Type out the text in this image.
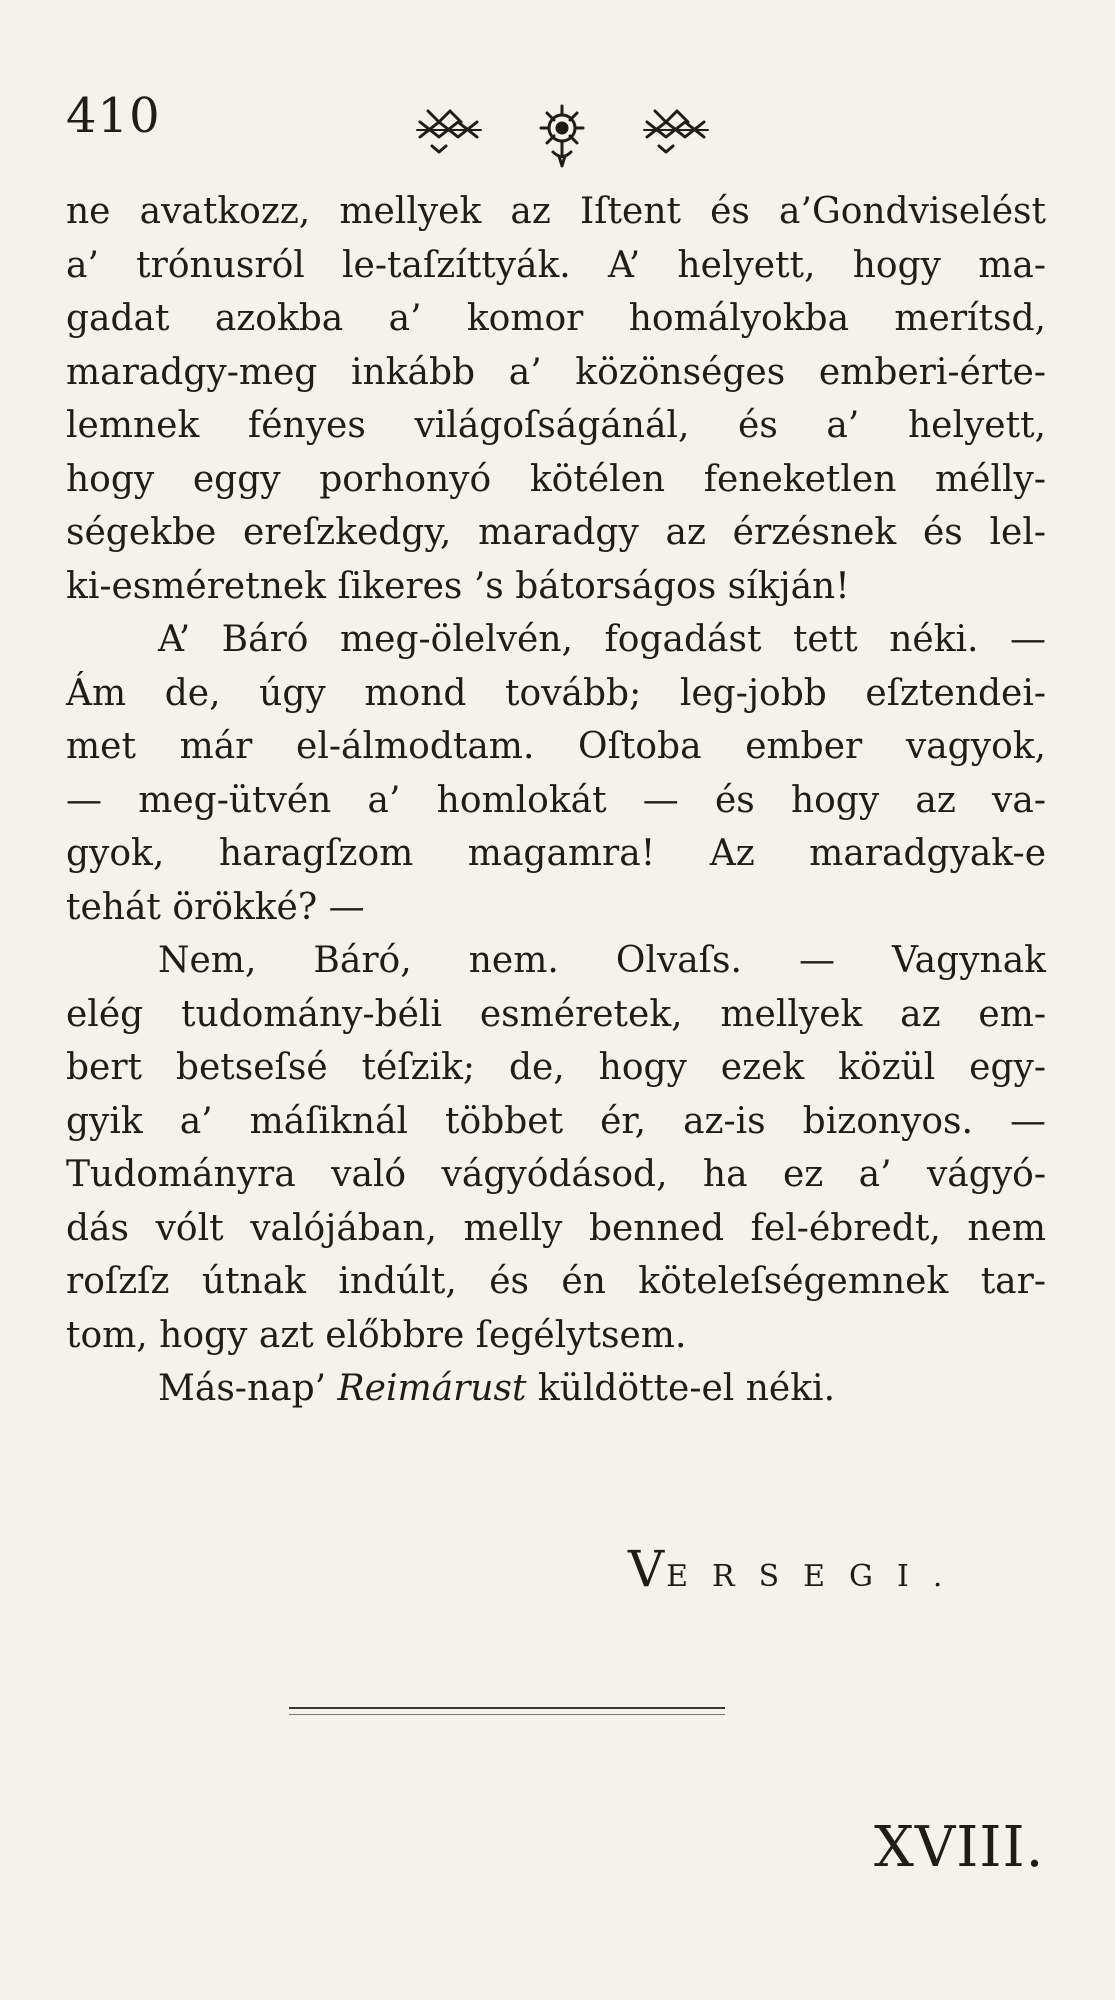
410
ne avatkozz, mellyek az Iſtent és a’Gondviselést
a’ trónusról le-taſzíttyák. A’ helyett, hogy ma-
gadat azokba a’ komor homályokba merítsd,
maradgy-meg inkább a’ közönséges emberi-érte-
lemnek fényes világoſságánál, és a’ helyett,
hogy eggy porhonyó kötélen feneketlen mélly-
ségekbe ereſzkedgy, maradgy az érzésnek és lel-
ki-esméretnek ſikeres ’s bátorságos síkján!
A’ Báró meg-ölelvén, fogadást tett néki. —
Ám de, úgy mond tovább; leg-jobb eſztendei-
met már el-álmodtam. Oſtoba ember vagyok,
— meg-ütvén a’ homlokát — és hogy az va-
gyok, haragſzom magamra! Az maradgyak-e
tehát örökké? —
Nem, Báró, nem. Olvaſs. — Vagynak
elég tudomány-béli esméretek, mellyek az em-
bert betseſsé téſzik; de, hogy ezek közül egy-
gyik a’ máſiknál többet ér, az-is bizonyos. —
Tudományra való vágyódásod, ha ez a’ vágyó-
dás vólt valójában, melly benned fel-ébredt, nem
roſzſz útnak indúlt, és én köteleſségemnek tar-
tom, hogy azt előbbre ſegélytsem.
Más-nap’ Reimárust küldötte-el néki.
VERSEGI.
XVIII.
